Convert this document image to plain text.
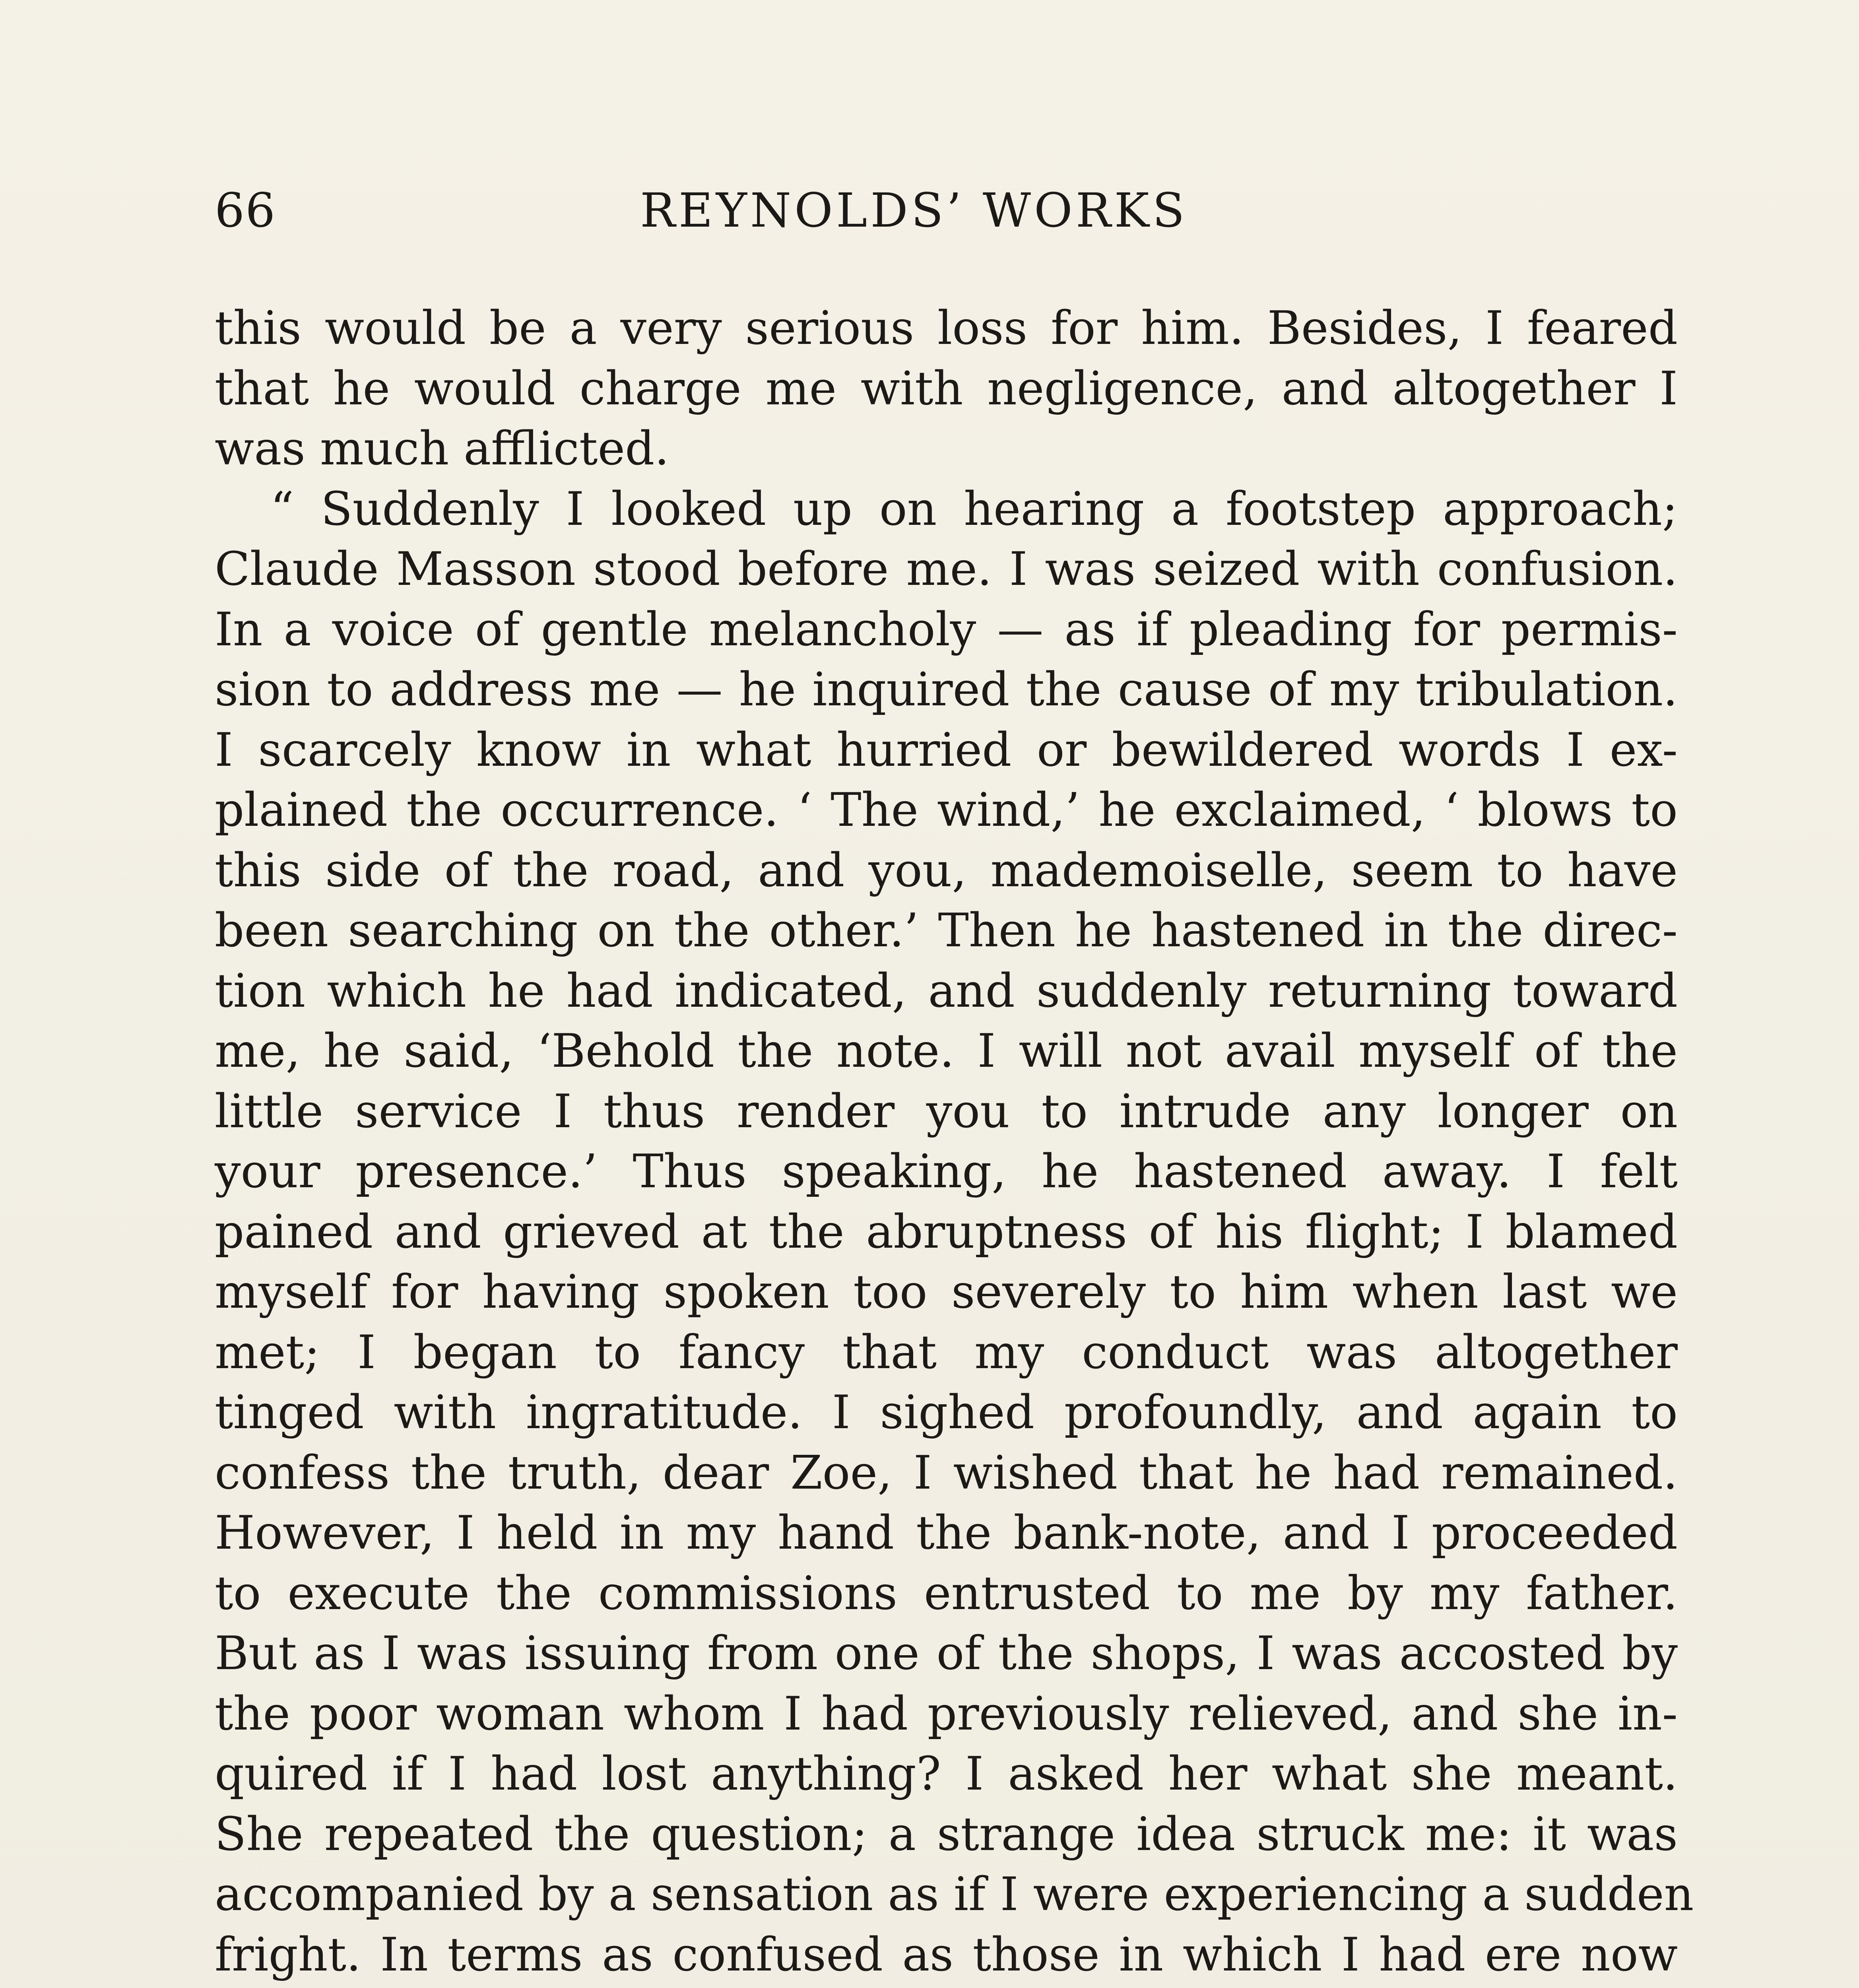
66	REYNOLDS’ WORKS
this would be a very serious loss for him. Besides, I feared
that he would charge me with negligence, and altogether I
was much afflicted.
“ Suddenly I looked up on hearing a footstep approach;
Claude Masson stood before me. I was seized with confusion.
In a voice of gentle melancholy — as if pleading for permis-
sion to address me — he inquired the cause of my tribulation.
I scarcely know in what hurried or bewildered words I ex-
plained the occurrence. ‘ The wind,’ he exclaimed, ‘ blows to
this side of the road, and you, mademoiselle, seem to have
been searching on the other.’ Then he hastened in the direc-
tion which he had indicated, and suddenly returning toward
me, he said, ‘Behold the note. I will not avail myself of the
little service I thus render you to intrude any longer on
your presence.’ Thus speaking, he hastened away. I felt
pained and grieved at the abruptness of his flight; I blamed
myself for having spoken too severely to him when last we
met; I began to fancy that my conduct was altogether
tinged with ingratitude. I sighed profoundly, and again to
confess the truth, dear Zoe, I wished that he had remained.
However, I held in my hand the bank-note, and I proceeded
to execute the commissions entrusted to me by my father.
But as I was issuing from one of the shops, I was accosted by
the poor woman whom I had previously relieved, and she in-
quired if I had lost anything? I asked her what she meant.
She repeated the question; a strange idea struck me: it was
accompanied by a sensation as if I were experiencing a sudden
fright. In terms as confused as those in which I had ere now
